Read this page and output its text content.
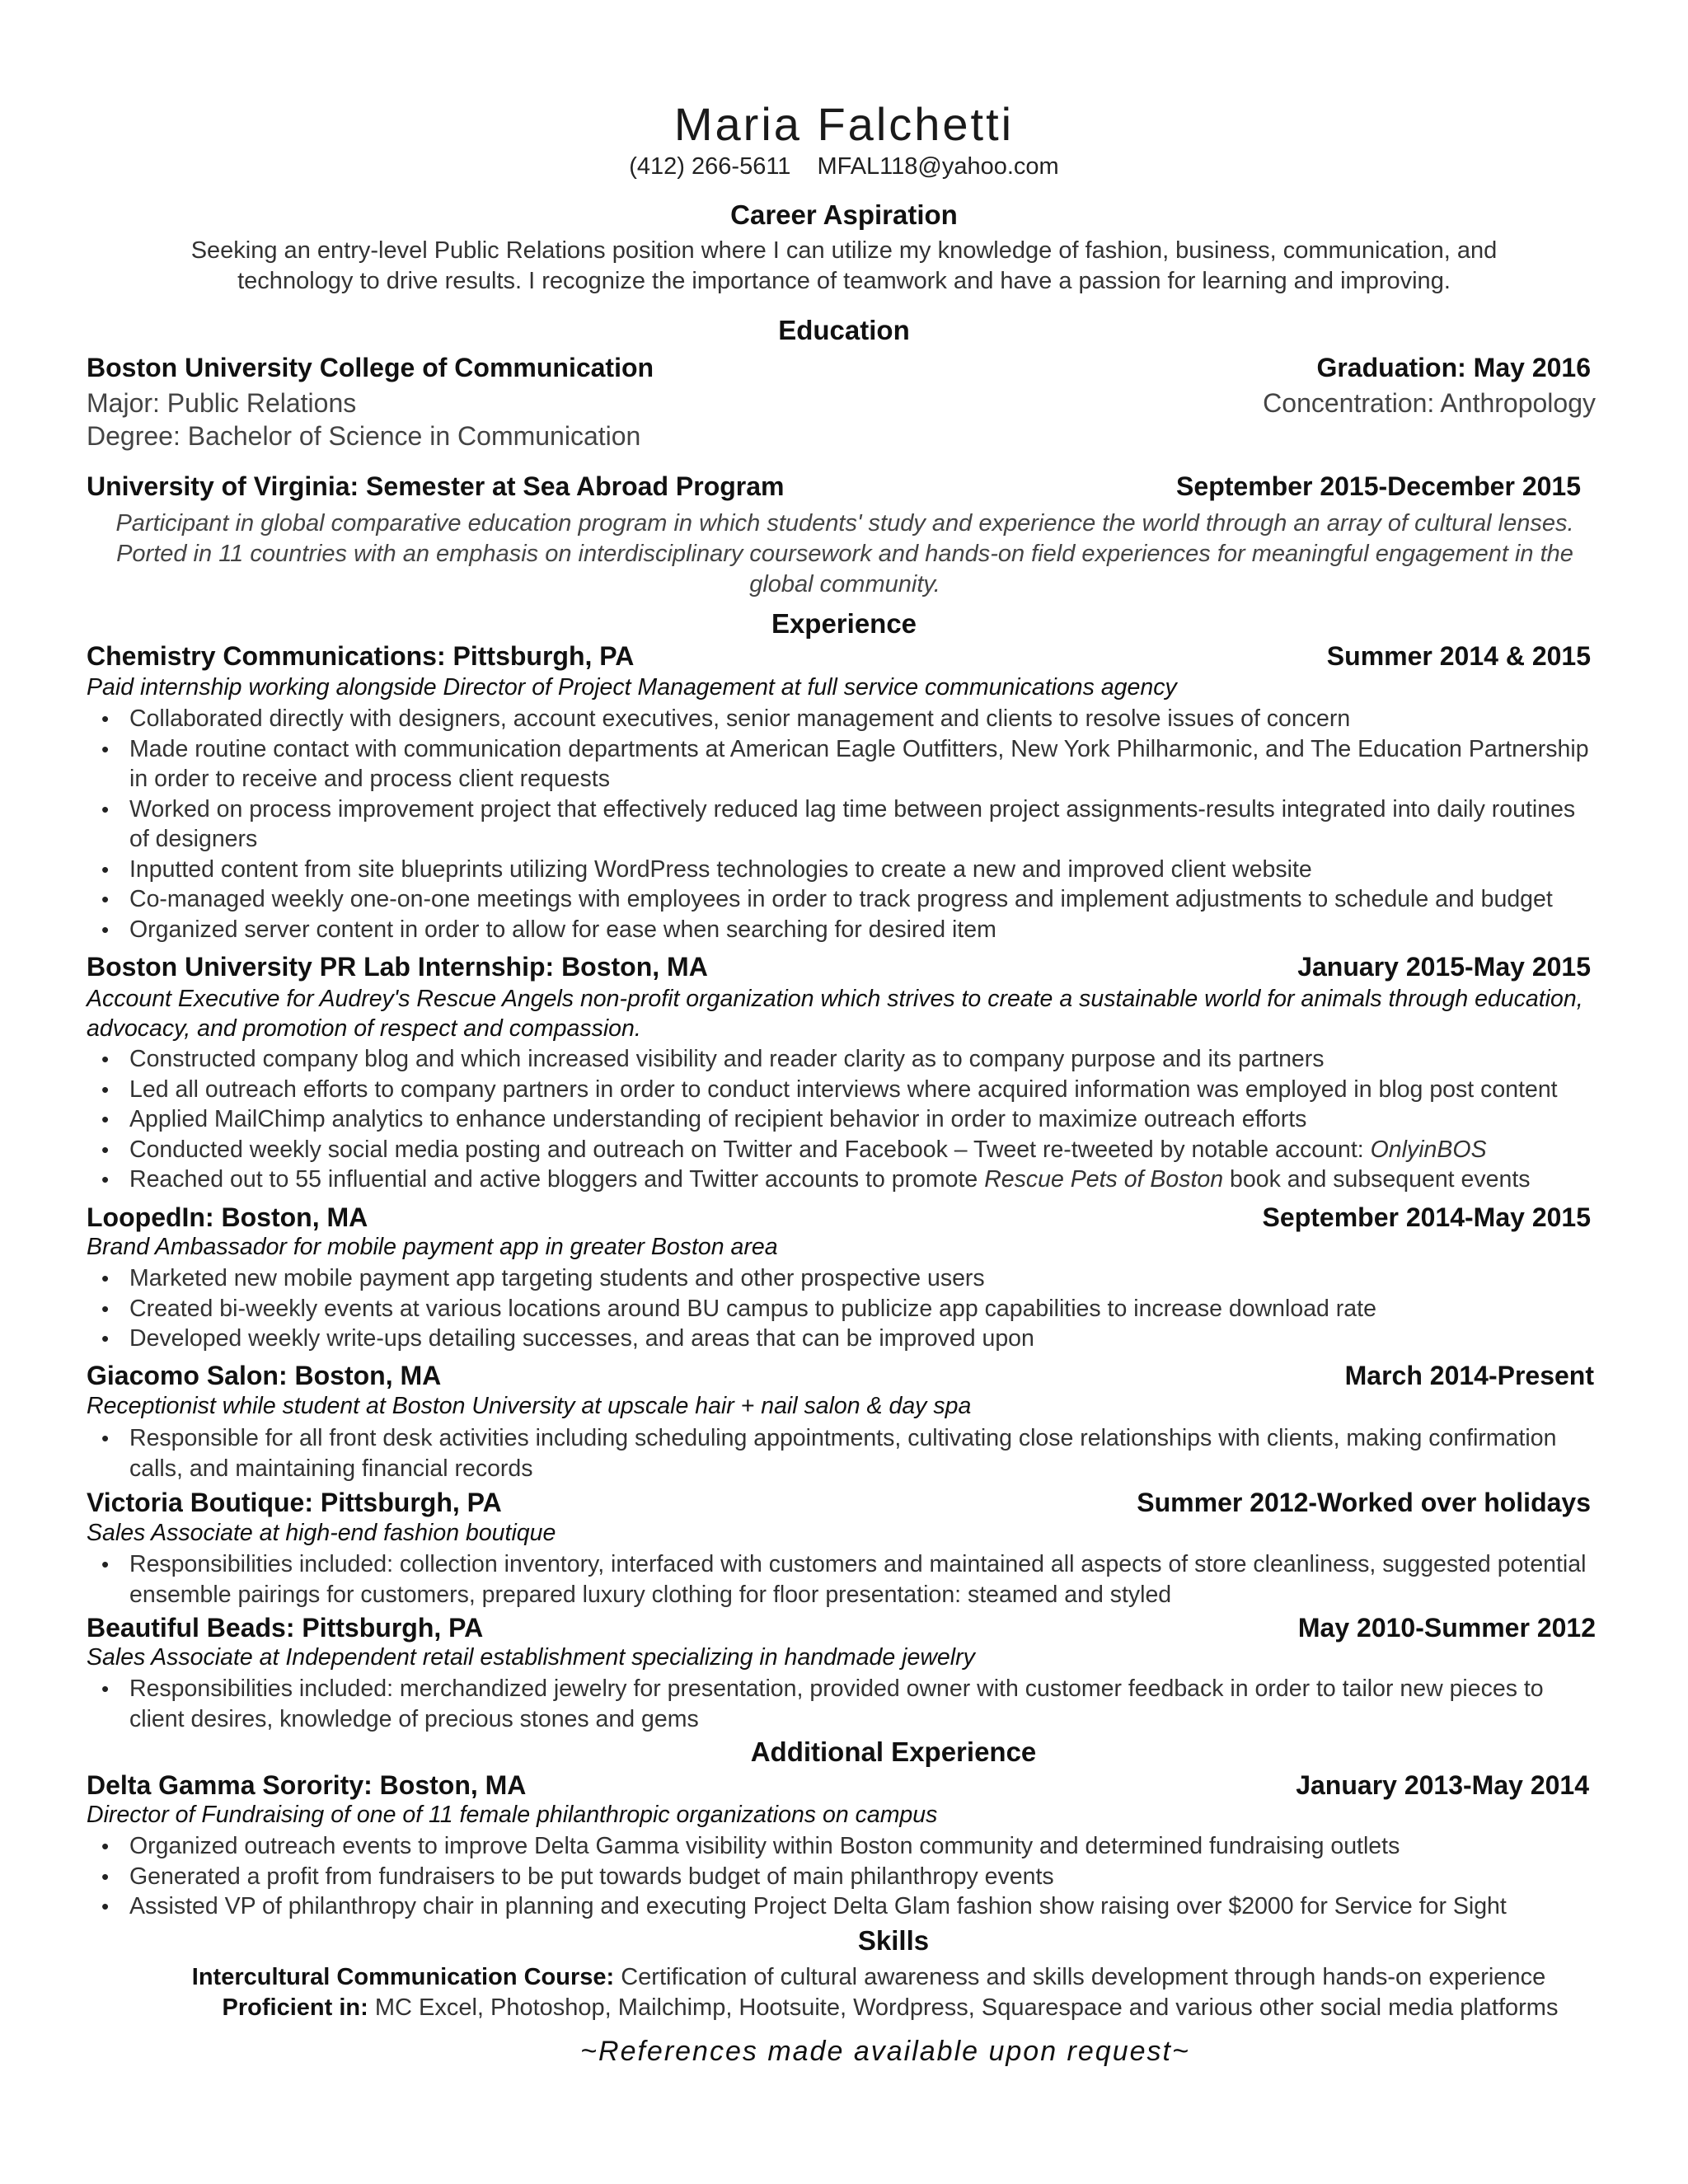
Maria Falchetti
(412) 266-5611 MFAL118@yahoo.com
Career Aspiration
Seeking an entry-level Public Relations position where I can utilize my knowledge of fashion, business, communication, and technology to drive results. I recognize the importance of teamwork and have a passion for learning and improving.
Education
Boston University College of Communication	Graduation: May 2016
Major: Public Relations	Concentration: Anthropology
Degree: Bachelor of Science in Communication
University of Virginia: Semester at Sea Abroad Program	September 2015-December 2015
Participant in global comparative education program in which students' study and experience the world through an array of cultural lenses. Ported in 11 countries with an emphasis on interdisciplinary coursework and hands-on field experiences for meaningful engagement in the global community.
Experience
Chemistry Communications: Pittsburgh, PA	Summer 2014 & 2015
Paid internship working alongside Director of Project Management at full service communications agency
• Collaborated directly with designers, account executives, senior management and clients to resolve issues of concern
• Made routine contact with communication departments at American Eagle Outfitters, New York Philharmonic, and The Education Partnership in order to receive and process client requests
• Worked on process improvement project that effectively reduced lag time between project assignments-results integrated into daily routines of designers
• Inputted content from site blueprints utilizing WordPress technologies to create a new and improved client website
• Co-managed weekly one-on-one meetings with employees in order to track progress and implement adjustments to schedule and budget
• Organized server content in order to allow for ease when searching for desired item
Boston University PR Lab Internship: Boston, MA	January 2015-May 2015
Account Executive for Audrey's Rescue Angels non-profit organization which strives to create a sustainable world for animals through education, advocacy, and promotion of respect and compassion.
• Constructed company blog and which increased visibility and reader clarity as to company purpose and its partners
• Led all outreach efforts to company partners in order to conduct interviews where acquired information was employed in blog post content
• Applied MailChimp analytics to enhance understanding of recipient behavior in order to maximize outreach efforts
• Conducted weekly social media posting and outreach on Twitter and Facebook – Tweet re-tweeted by notable account: OnlyinBOS
• Reached out to 55 influential and active bloggers and Twitter accounts to promote Rescue Pets of Boston book and subsequent events
LoopedIn: Boston, MA	September 2014-May 2015
Brand Ambassador for mobile payment app in greater Boston area
• Marketed new mobile payment app targeting students and other prospective users
• Created bi-weekly events at various locations around BU campus to publicize app capabilities to increase download rate
• Developed weekly write-ups detailing successes, and areas that can be improved upon
Giacomo Salon: Boston, MA	March 2014-Present
Receptionist while student at Boston University at upscale hair + nail salon & day spa
• Responsible for all front desk activities including scheduling appointments, cultivating close relationships with clients, making confirmation calls, and maintaining financial records
Victoria Boutique: Pittsburgh, PA	Summer 2012-Worked over holidays
Sales Associate at high-end fashion boutique
• Responsibilities included: collection inventory, interfaced with customers and maintained all aspects of store cleanliness, suggested potential ensemble pairings for customers, prepared luxury clothing for floor presentation: steamed and styled
Beautiful Beads: Pittsburgh, PA	May 2010-Summer 2012
Sales Associate at Independent retail establishment specializing in handmade jewelry
• Responsibilities included: merchandized jewelry for presentation, provided owner with customer feedback in order to tailor new pieces to client desires, knowledge of precious stones and gems
Additional Experience
Delta Gamma Sorority: Boston, MA	January 2013-May 2014
Director of Fundraising of one of 11 female philanthropic organizations on campus
• Organized outreach events to improve Delta Gamma visibility within Boston community and determined fundraising outlets
• Generated a profit from fundraisers to be put towards budget of main philanthropy events
• Assisted VP of philanthropy chair in planning and executing Project Delta Glam fashion show raising over $2000 for Service for Sight
Skills
Intercultural Communication Course: Certification of cultural awareness and skills development through hands-on experience
Proficient in: MC Excel, Photoshop, Mailchimp, Hootsuite, Wordpress, Squarespace and various other social media platforms
~References made available upon request~
